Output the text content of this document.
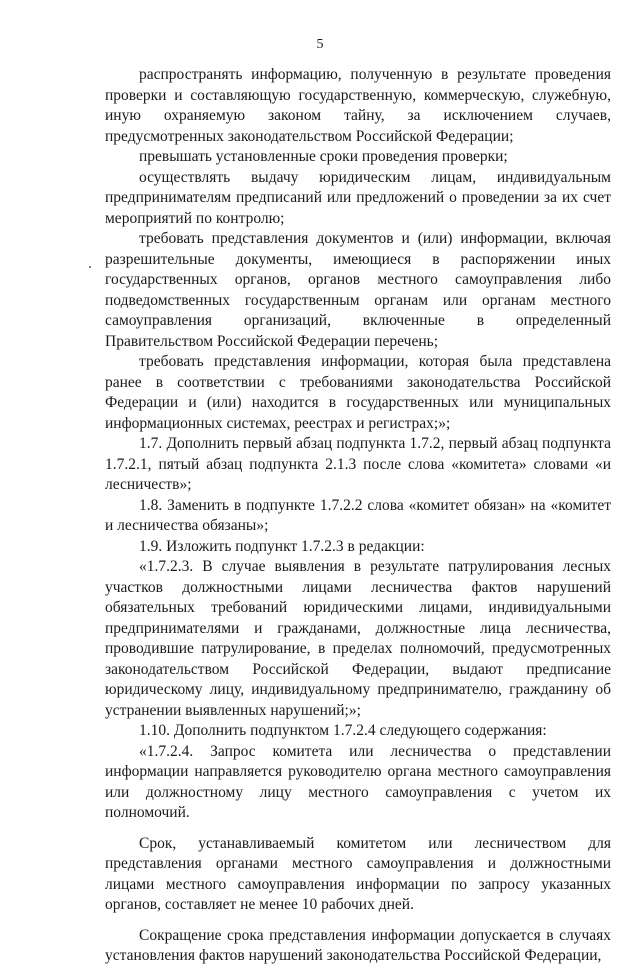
5

распространять информацию, полученную в результате проведения проверки и составляющую государственную, коммерческую, служебную, иную охраняемую законом тайну, за исключением случаев, предусмотренных законодательством Российской Федерации;

превышать установленные сроки проведения проверки;

осуществлять выдачу юридическим лицам, индивидуальным предпринимателям предписаний или предложений о проведении за их счет мероприятий по контролю;

требовать представления документов и (или) информации, включая разрешительные документы, имеющиеся в распоряжении иных государственных органов, органов местного самоуправления либо подведомственных государственным органам или органам местного самоуправления организаций, включенные в определенный Правительством Российской Федерации перечень;

требовать представления информации, которая была представлена ранее в соответствии с требованиями законодательства Российской Федерации и (или) находится в государственных или муниципальных информационных системах, реестрах и регистрах;»;

1.7. Дополнить первый абзац подпункта 1.7.2, первый абзац подпункта 1.7.2.1, пятый абзац подпункта 2.1.3 после слова «комитета» словами «и лесничеств»;

1.8. Заменить в подпункте 1.7.2.2 слова «комитет обязан» на «комитет и лесничества обязаны»;

1.9. Изложить подпункт 1.7.2.3 в редакции:

«1.7.2.3. В случае выявления в результате патрулирования лесных участков должностными лицами лесничества фактов нарушений обязательных требований юридическими лицами, индивидуальными предпринимателями и гражданами, должностные лица лесничества, проводившие патрулирование, в пределах полномочий, предусмотренных законодательством Российской Федерации, выдают предписание юридическому лицу, индивидуальному предпринимателю, гражданину об устранении выявленных нарушений;»;

1.10. Дополнить подпунктом 1.7.2.4 следующего содержания:

«1.7.2.4. Запрос комитета или лесничества о представлении информации направляется руководителю органа местного самоуправления или должностному лицу местного самоуправления с учетом их полномочий.

Срок, устанавливаемый комитетом или лесничеством для представления органами местного самоуправления и должностными лицами местного самоуправления информации по запросу указанных органов, составляет не менее 10 рабочих дней.

Сокращение срока представления информации допускается в случаях установления фактов нарушений законодательства Российской Федерации,
